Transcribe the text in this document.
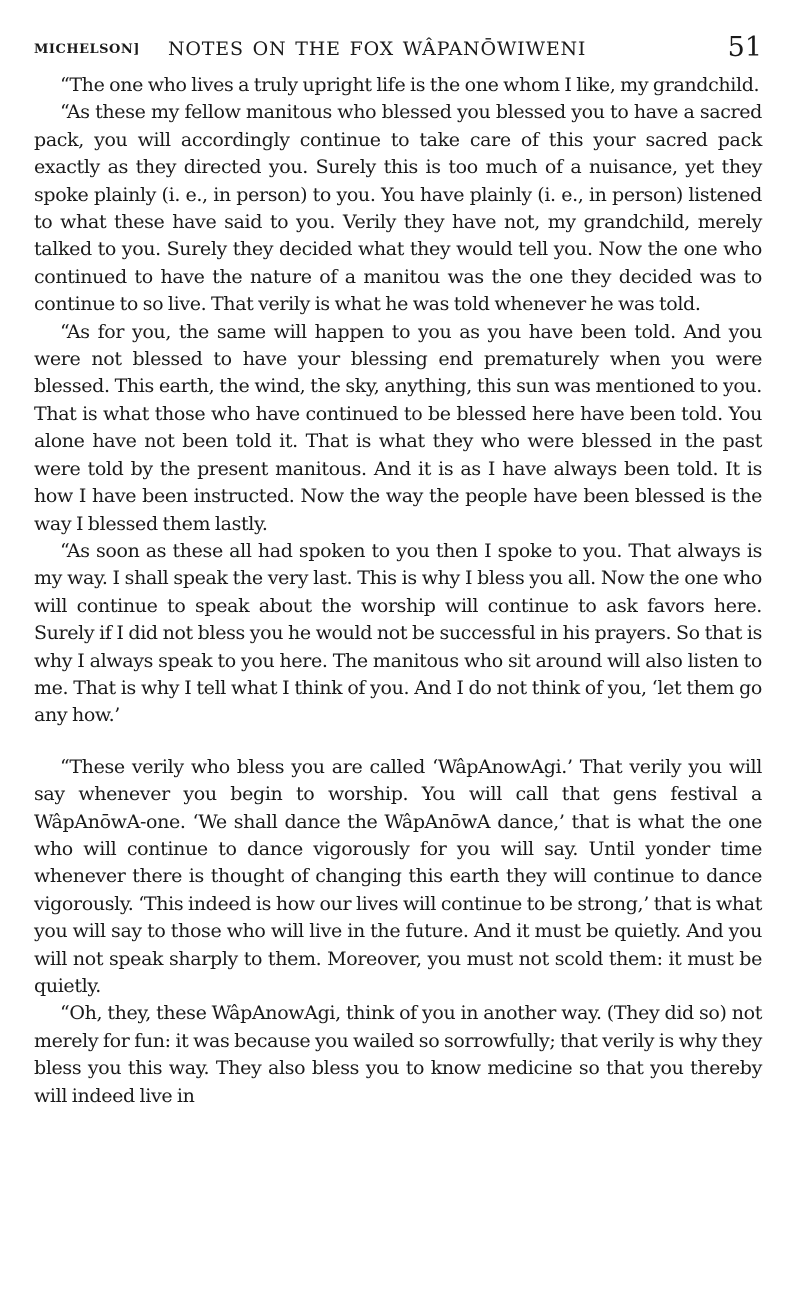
MICHELSON] NOTES ON THE FOX WÂPANŌWIWENI	51

“The one who lives a truly upright life is the one whom I like, my grandchild.

“As these my fellow manitous who blessed you blessed you to have a sacred pack, you will accordingly continue to take care of this your sacred pack exactly as they directed you. Surely this is too much of a nuisance, yet they spoke plainly (i. e., in person) to you. You have plainly (i. e., in person) listened to what these have said to you. Verily they have not, my grandchild, merely talked to you. Surely they decided what they would tell you. Now the one who continued to have the nature of a manitou was the one they decided was to continue to so live. That verily is what he was told whenever he was told.

“As for you, the same will happen to you as you have been told. And you were not blessed to have your blessing end prematurely when you were blessed. This earth, the wind, the sky, anything, this sun was mentioned to you. That is what those who have continued to be blessed here have been told. You alone have not been told it. That is what they who were blessed in the past were told by the present manitous. And it is as I have always been told. It is how I have been instructed. Now the way the people have been blessed is the way I blessed them lastly.

“As soon as these all had spoken to you then I spoke to you. That always is my way. I shall speak the very last. This is why I bless you all. Now the one who will continue to speak about the worship will continue to ask favors here. Surely if I did not bless you he would not be successful in his prayers. So that is why I always speak to you here. The manitous who sit around will also listen to me. That is why I tell what I think of you. And I do not think of you, ‘let them go any how.’

“These verily who bless you are called ‘WâpAnowAgi.’ That verily you will say whenever you begin to worship. You will call that gens festival a WâpAnōwA-one. ‘We shall dance the WâpAnōwA dance,’ that is what the one who will continue to dance vigorously for you will say. Until yonder time whenever there is thought of changing this earth they will continue to dance vigorously. ‘This indeed is how our lives will continue to be strong,’ that is what you will say to those who will live in the future. And it must be quietly. And you will not speak sharply to them. Moreover, you must not scold them: it must be quietly.

“Oh, they, these WâpAnowAgi, think of you in another way. (They did so) not merely for fun: it was because you wailed so sorrowfully; that verily is why they bless you this way. They also bless you to know medicine so that you thereby will indeed live in
